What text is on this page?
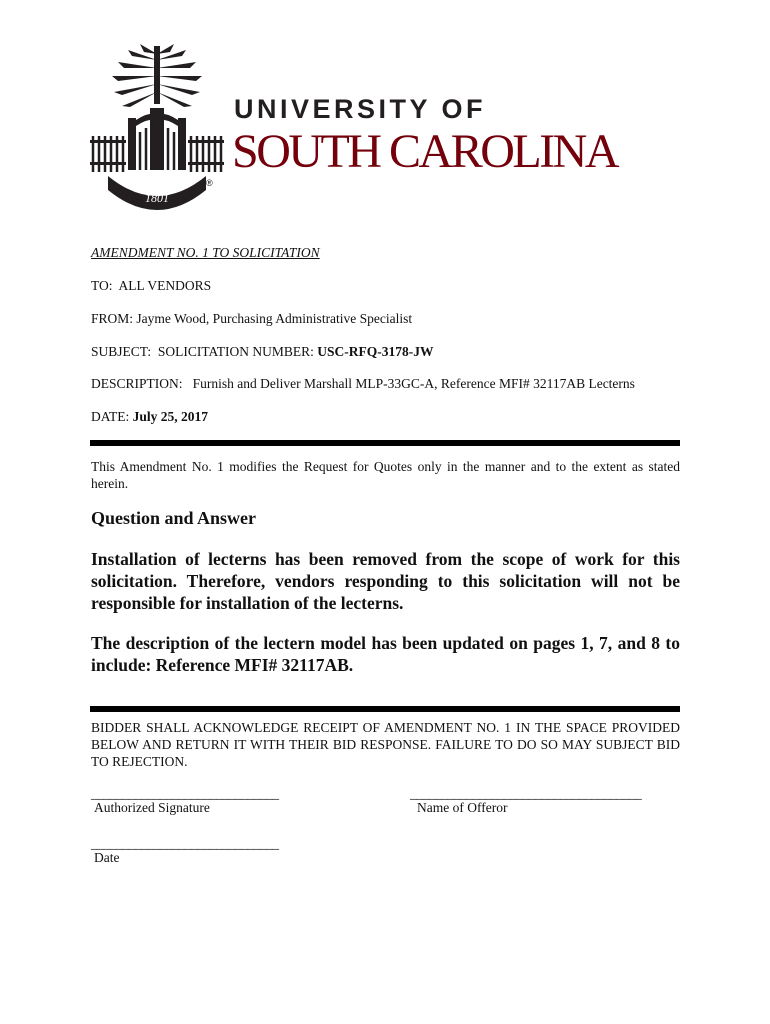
1801
®
UNIVERSITY OF
SOUTH CAROLINA
AMENDMENT NO. 1 TO SOLICITATION
TO: ALL VENDORS
FROM: Jayme Wood, Purchasing Administrative Specialist
SUBJECT: SOLICITATION NUMBER: USC-RFQ-3178-JW
DESCRIPTION: Furnish and Deliver Marshall MLP-33GC-A, Reference MFI# 32117AB Lecterns
DATE: July 25, 2017
This Amendment No. 1 modifies the Request for Quotes only in the manner and to the extent as stated herein.
Question and Answer
Installation of lecterns has been removed from the scope of work for this solicitation. Therefore, vendors responding to this solicitation will not be responsible for installation of the lecterns.
The description of the lectern model has been updated on pages 1, 7, and 8 to include: Reference MFI# 32117AB.
BIDDER SHALL ACKNOWLEDGE RECEIPT OF AMENDMENT NO. 1 IN THE SPACE PROVIDED BELOW AND RETURN IT WITH THEIR BID RESPONSE. FAILURE TO DO SO MAY SUBJECT BID TO REJECTION.
______________________________
Authorized Signature
_____________________________________
Name of Offeror
______________________________
Date
